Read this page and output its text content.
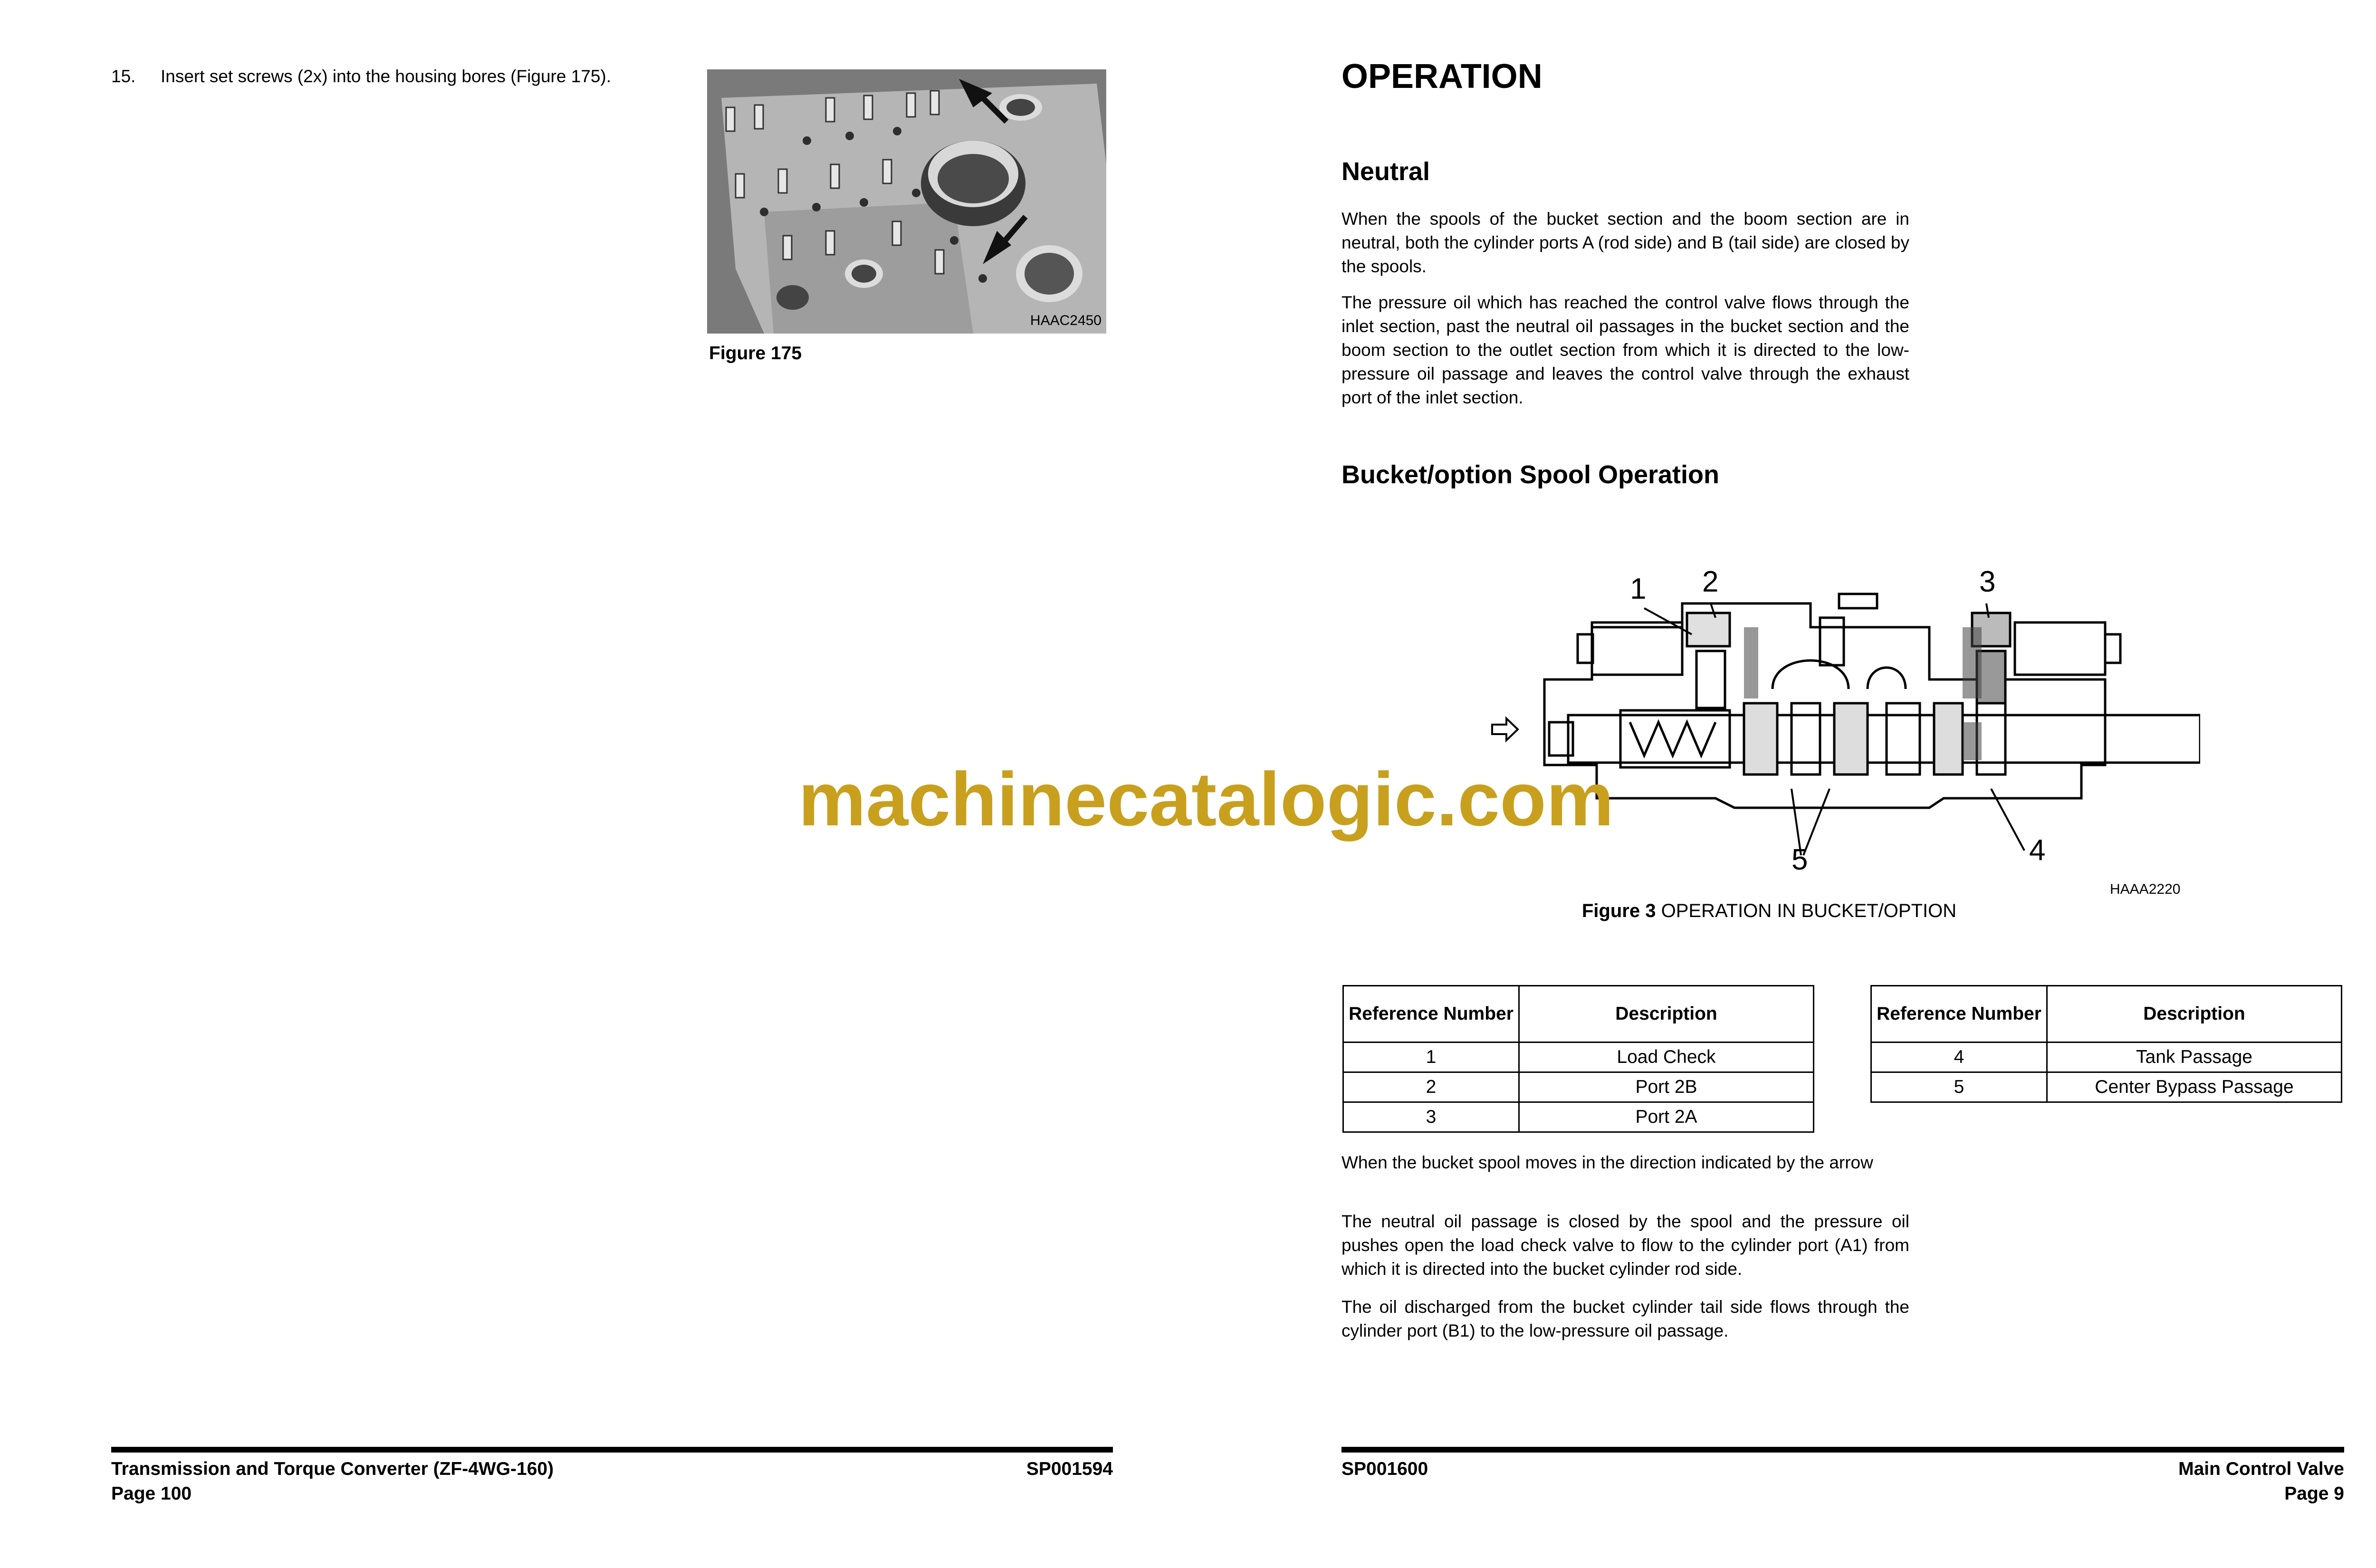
15. Insert set screws (2x) into the housing bores (Figure 175).
HAAC2450
Figure 175
Transmission and Torque Converter (ZF-4WG-160)
Page 100
SP001594
OPERATION
Neutral
When the spools of the bucket section and the boom section are in neutral, both the cylinder ports A (rod side) and B (tail side) are closed by the spools.
The pressure oil which has reached the control valve flows through the inlet section, past the neutral oil passages in the bucket section and the boom section to the outlet section from which it is directed to the low-pressure oil passage and leaves the control valve through the exhaust port of the inlet section.
Bucket/option Spool Operation
1 2	3
4
5
HAAA2220
Figure 3 OPERATION IN BUCKET/OPTION
Reference Number	Description
1	Load Check
2	Port 2B
3	Port 2A
Reference Number	Description
4	Tank Passage
5	Center Bypass Passage
When the bucket spool moves in the direction indicated by the arrow
The neutral oil passage is closed by the spool and the pressure oil pushes open the load check valve to flow to the cylinder port (A1) from which it is directed into the bucket cylinder rod side.
The oil discharged from the bucket cylinder tail side flows through the cylinder port (B1) to the low-pressure oil passage.
SP001600	Main Control Valve
Page 9
machinecatalogic.com
